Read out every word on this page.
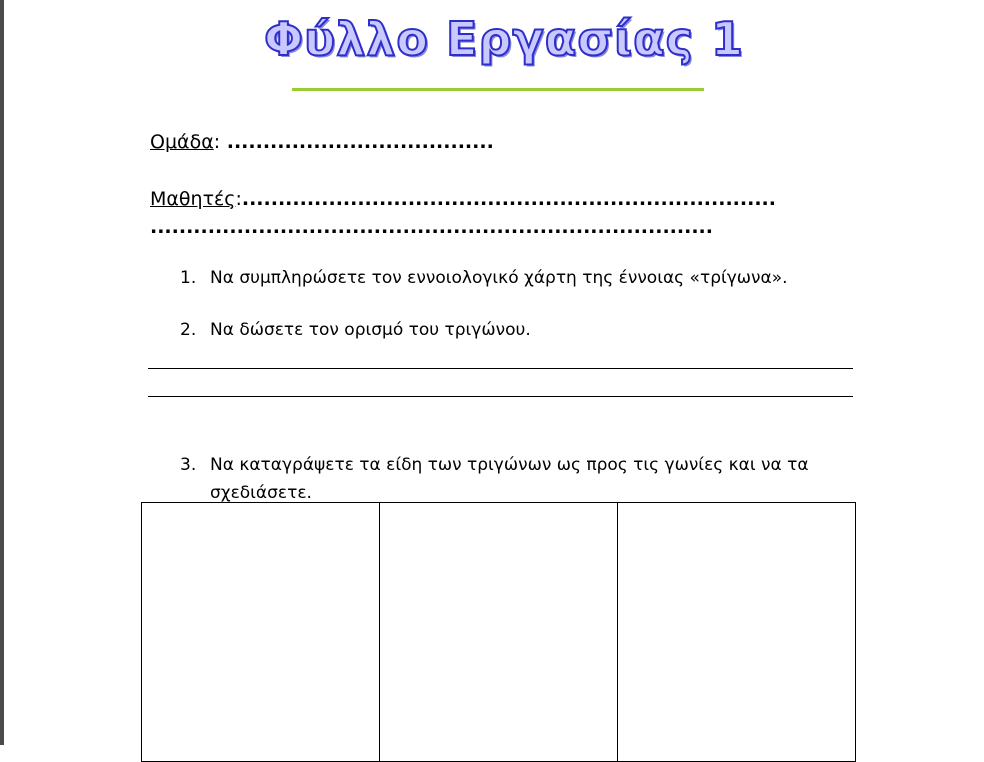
Φύλλο Εργασίας 1
Ομάδα: .....................................
Μαθητές:..........................................................................
..............................................................................
1. Να συμπληρώσετε τον εννοιολογικό χάρτη της έννοιας «τρίγωνα».
2. Να δώσετε τον ορισμό του τριγώνου.
3. Να καταγράψετε τα είδη των τριγώνων ως προς τις γωνίες και να τα
σχεδιάσετε.
